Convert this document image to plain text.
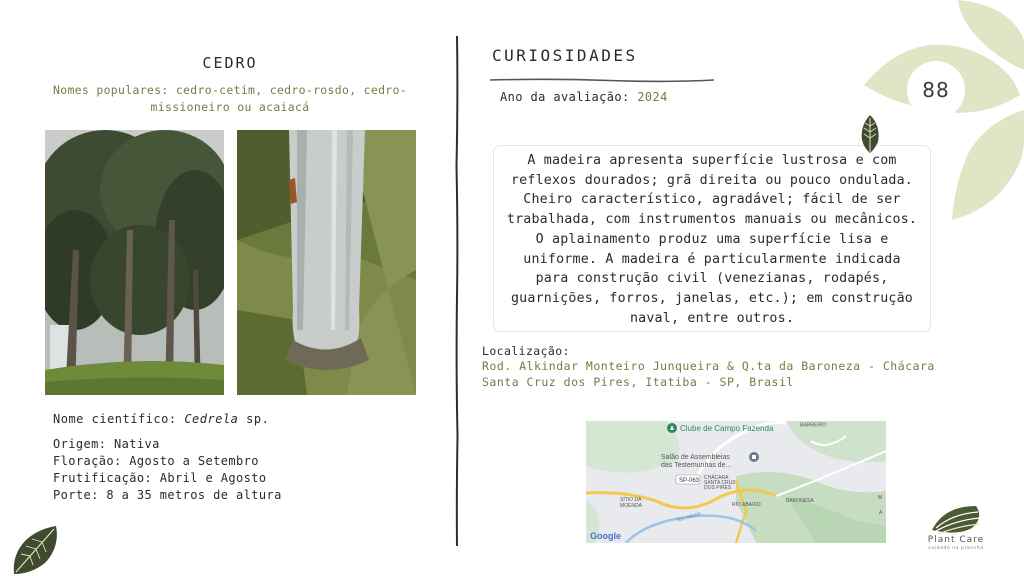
CEDRO
Nomes populares: cedro-cetim, cedro-rosdo, cedro-missioneiro ou acaiacá
Nome científico: Cedrela sp.
Origem: Nativa
Floração: Agosto a Setembro
Frutificação: Abril e Agosto
Porte: 8 a 35 metros de altura
CURIOSIDADES
Ano da avaliação: 2024
A madeira apresenta superfície lustrosa e com reflexos dourados; grã direita ou pouco ondulada. Cheiro característico, agradável; fácil de ser trabalhada, com instrumentos manuais ou mecânicos. O aplainamento produz uma superfície lisa e uniforme. A madeira é particularmente indicada para construção civil (venezianas, rodapés, guarnições, forros, janelas, etc.); em construção naval, entre outros.
Localização:
Rod. Alkindar Monteiro Junqueira & Q.ta da Baroneza - Chácara Santa Cruz dos Pires, Itatiba - SP, Brasil
Clube de Campo Fazenda	BARREIRO
Salão de Assembleias
das Testemunhas de...
SP-063 CHÁCARA
SANTA CRUZ
DOS PIRES
SÍTIO DA
MOENDA
BARONESA
RIO ABAIXO
Rio Atibaia
M
A
Google
88
Plant Care
cuidado na prancha
